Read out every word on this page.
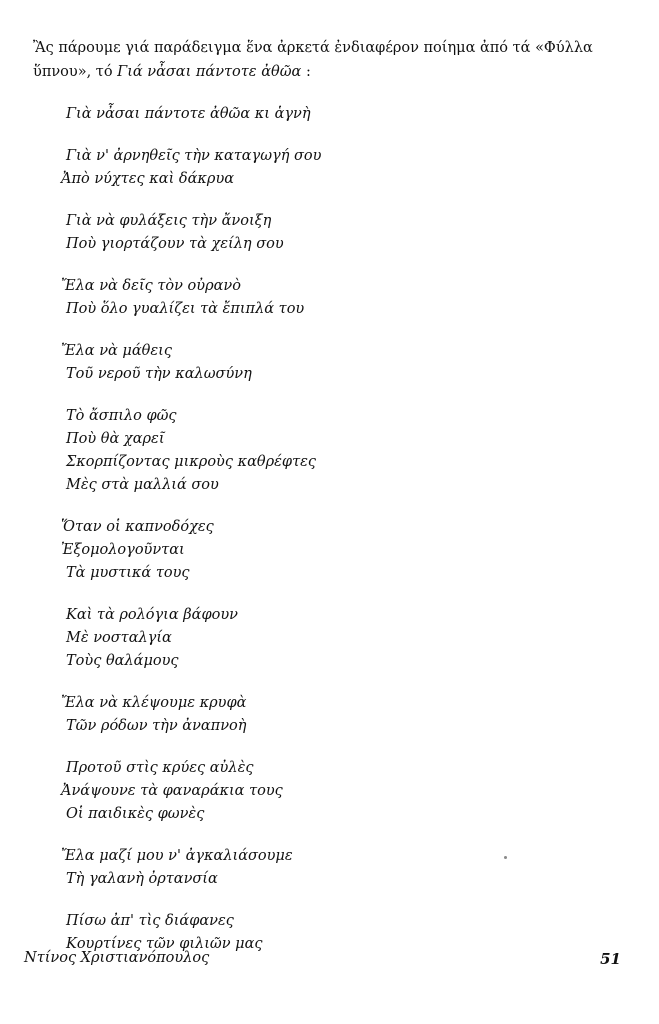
Ἂς πάρουμε γιά παράδειγμα ἕνα ἀρκετά ἐνδιαφέρον ποίημα ἀπό τά «Φύλλα ὕπνου», τό Γιά νἆσαι πάντοτε ἀθῶα :

Γιὰ νἆσαι πάντοτε ἀθῶα κι ἁγνὴ
Γιὰ ν' ἀρνηθεῖς τὴν καταγωγή σου
Ἀπὸ νύχτες καὶ δάκρυα
Γιὰ νὰ φυλάξεις τὴν ἄνοιξη
Ποὺ γιορτάζουν τὰ χείλη σου
Ἔλα νὰ δεῖς τὸν οὐρανὸ
Ποὺ ὅλο γυαλίζει τὰ ἔπιπλά του
Ἔλα νὰ μάθεις
Τοῦ νεροῦ τὴν καλωσύνη
Τὸ ἄσπιλο φῶς
Ποὺ θὰ χαρεῖ
Σκορπίζοντας μικροὺς καθρέφτες
Μὲς στὰ μαλλιά σου
Ὅταν οἱ καπνοδόχες
Ἐξομολογοῦνται
Τὰ μυστικά τους
Καὶ τὰ ρολόγια βάφουν
Μὲ νοσταλγία
Τοὺς θαλάμους
Ἔλα νὰ κλέψουμε κρυφὰ
Τῶν ρόδων τὴν ἀναπνοὴ
Προτοῦ στὶς κρύες αὐλὲς
Ἀνάψουνε τὰ φαναράκια τους
Οἱ παιδικὲς φωνὲς
Ἔλα μαζί μου ν' ἀγκαλιάσουμε
Τὴ γαλανὴ ὀρτανσία
Πίσω ἀπ' τὶς διάφανες
Κουρτίνες τῶν φιλιῶν μας
Ντίνος Χριστιανόπουλος	51
